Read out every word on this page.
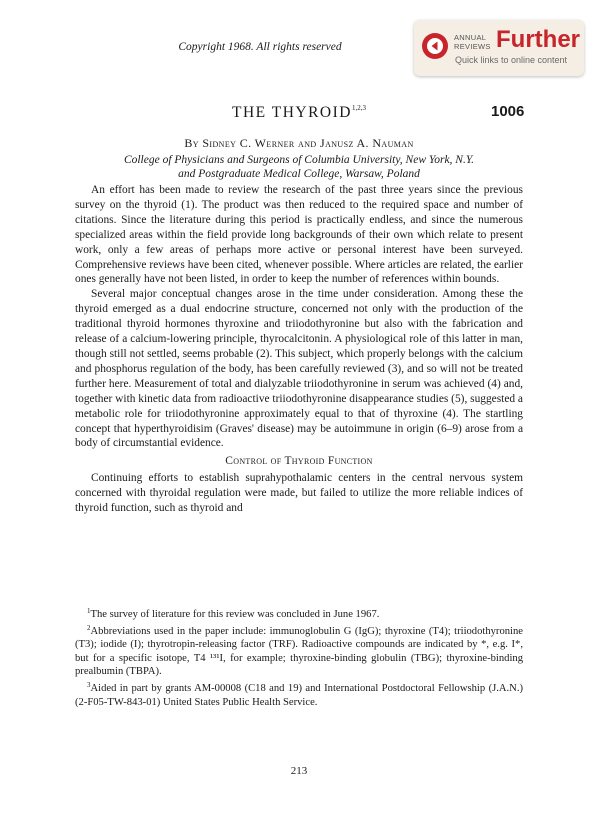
Copyright 1968. All rights reserved
ANNUAL
REVIEWS Further
Quick links to online content
THE THYROID$^{1,2,3}$	1006
By Sidney C. Werner and Janusz A. Nauman
College of Physicians and Surgeons of Columbia University, New York, N.Y.
and Postgraduate Medical College, Warsaw, Poland

An effort has been made to review the research of the past three years since the previous survey on the thyroid (1). The product was then reduced to the required space and number of citations. Since the literature during this period is practically endless, and since the numerous specialized areas within the field provide long backgrounds of their own which relate to present work, only a few areas of perhaps more active or personal interest have been surveyed. Comprehensive reviews have been cited, whenever possible. Where articles are related, the earlier ones generally have not been listed, in order to keep the number of references within bounds.

Several major conceptual changes arose in the time under consideration. Among these the thyroid emerged as a dual endocrine structure, concerned not only with the production of the traditional thyroid hormones thyroxine and triiodothyronine but also with the fabrication and release of a calcium-lowering principle, thyrocalcitonin. A physiological role of this latter in man, though still not settled, seems probable (2). This subject, which properly belongs with the calcium and phosphorus regulation of the body, has been carefully reviewed (3), and so will not be treated further here. Measurement of total and dialyzable triiodothyronine in serum was achieved (4) and, together with kinetic data from radioactive triiodothyronine disappearance studies (5), suggested a metabolic role for triiodothyronine approximately equal to that of thyroxine (4). The startling concept that hyperthyroidisim (Graves' disease) may be autoimmune in origin (6–9) arose from a body of circumstantial evidence.

Control of Thyroid Function

Continuing efforts to establish suprahypothalamic centers in the central nervous system concerned with thyroidal regulation were made, but failed to utilize the more reliable indices of thyroid function, such as thyroid and

$^1$The survey of literature for this review was concluded in June 1967.

$^2$Abbreviations used in the paper include: immunoglobulin G (IgG); thyroxine (T4); triiodothyronine (T3); iodide (I); thyrotropin-releasing factor (TRF). Radioactive compounds are indicated by *, e.g. I*, but for a specific isotope, T4 ¹³¹I, for example; thyroxine-binding globulin (TBG); thyroxine-binding prealbumin (TBPA).

$^3$Aided in part by grants AM-00008 (C18 and 19) and International Postdoctoral Fellowship (J.A.N.) (2-F05-TW-843-01) United States Public Health Service.

213
